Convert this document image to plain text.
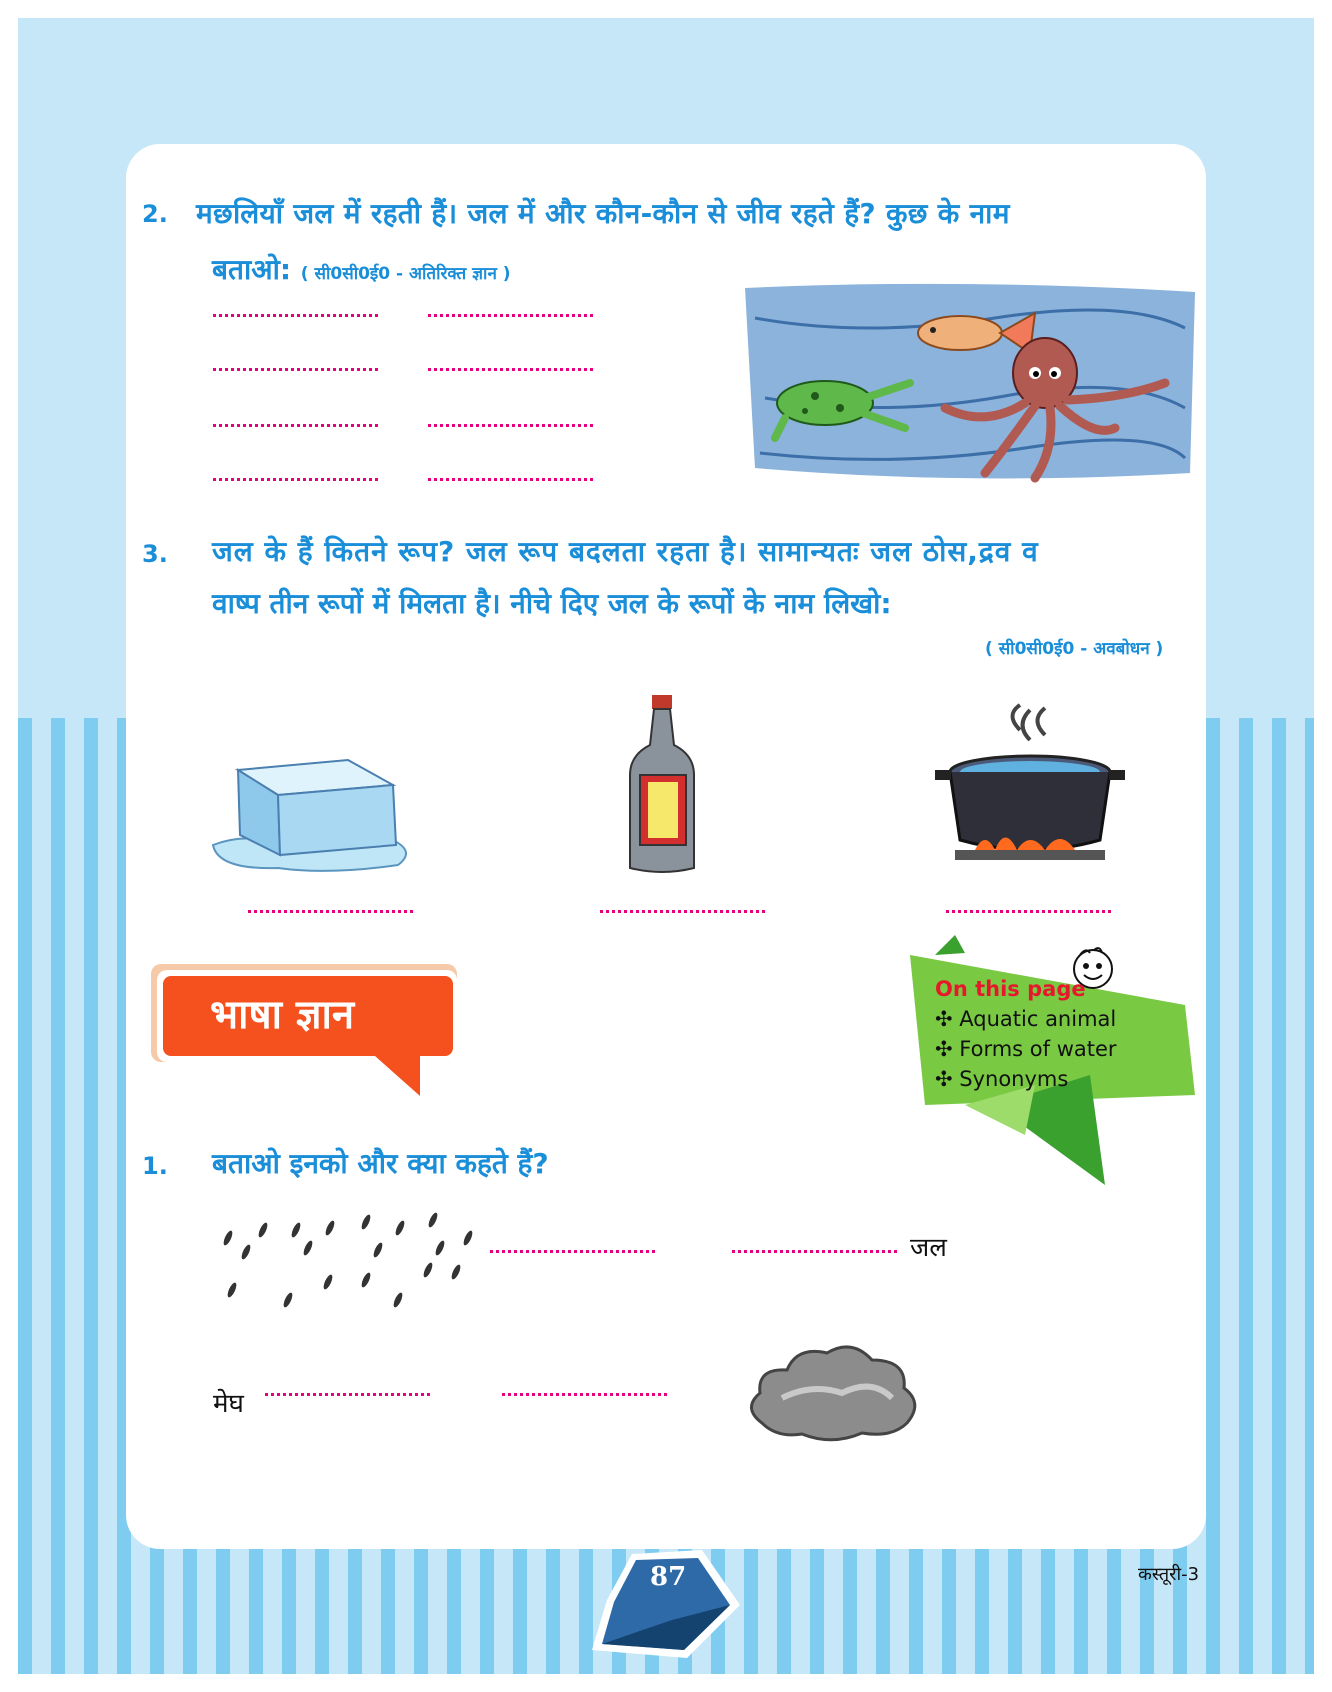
2. मछलियाँ जल में रहती हैं। जल में और कौन-कौन से जीव रहते हैं? कुछ के नाम
बताओ: ( सी0सी0ई0 - अतिरिक्त ज्ञान )
3. जल के हैं कितने रूप? जल रूप बदलता रहता है। सामान्यतः जल ठोस,द्रव व
वाष्प तीन रूपों में मिलता है। नीचे दिए जल के रूपों के नाम लिखो:
( सी0सी0ई0 - अवबोधन )
भाषा ज्ञान
On this page
✣ Aquatic animal
✣ Forms of water
✣ Synonyms
1. बताओ इनको और क्या कहते हैं?
जल
मेघ
87	कस्तूरी-3
